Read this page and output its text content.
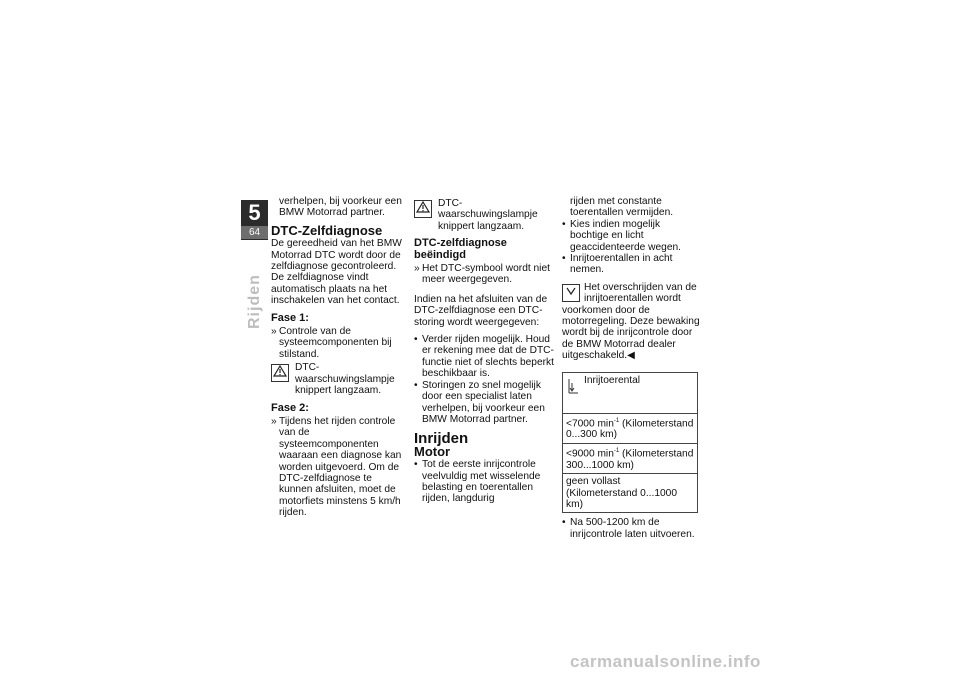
5
64
Rijden

verhelpen, bij voorkeur een BMW Motorrad partner.

DTC-Zelfdiagnose

De gereedheid van het BMW Motorrad DTC wordt door de zelfdiagnose gecontroleerd. De zelfdiagnose vindt automatisch plaats na het inschakelen van het contact.

Fase 1:
» Controle van de systeemcomponenten bij stilstand.
DTC-waarschuwingslampje knippert langzaam.
Fase 2:
» Tijdens het rijden controle van de systeemcomponenten waaraan een diagnose kan worden uitgevoerd. Om de DTC-zelfdiagnose te kunnen afsluiten, moet de motorfiets minstens 5 km/h rijden.
DTC-waarschuwingslampje knippert langzaam.
DTC-zelfdiagnose beëindigd
» Het DTC-symbool wordt niet meer weergegeven.

Indien na het afsluiten van de DTC-zelfdiagnose een DTC-storing wordt weergegeven:

• Verder rijden mogelijk. Houd er rekening mee dat de DTC-functie niet of slechts beperkt beschikbaar is.
• Storingen zo snel mogelijk door een specialist laten verhelpen, bij voorkeur een BMW Motorrad partner.
Inrijden
Motor
• Tot de eerste inrijcontrole veelvuldig met wisselende belasting en toerentallen rijden, langdurig

rijden met constante toerentallen vermijden.

• Kies indien mogelijk bochtige en licht geaccidenteerde wegen.
• Inrijtoerentallen in acht nemen.
Het overschrijden van de inrijtoerentallen wordt voorkomen door de motorregeling. Deze bewaking wordt bij de inrijcontrole door de BMW Motorrad dealer uitgeschakeld.◀
Inrijtoerental
<7000 $\min^{-1}$ (Kilometerstand 0...300 km)
<9000 $\min^{-1}$ (Kilometerstand 300...1000 km)
geen vollast (Kilometerstand 0...1000 km)
• Na 500-1200 km de inrijcontrole laten uitvoeren.
carmanualsonline.info
